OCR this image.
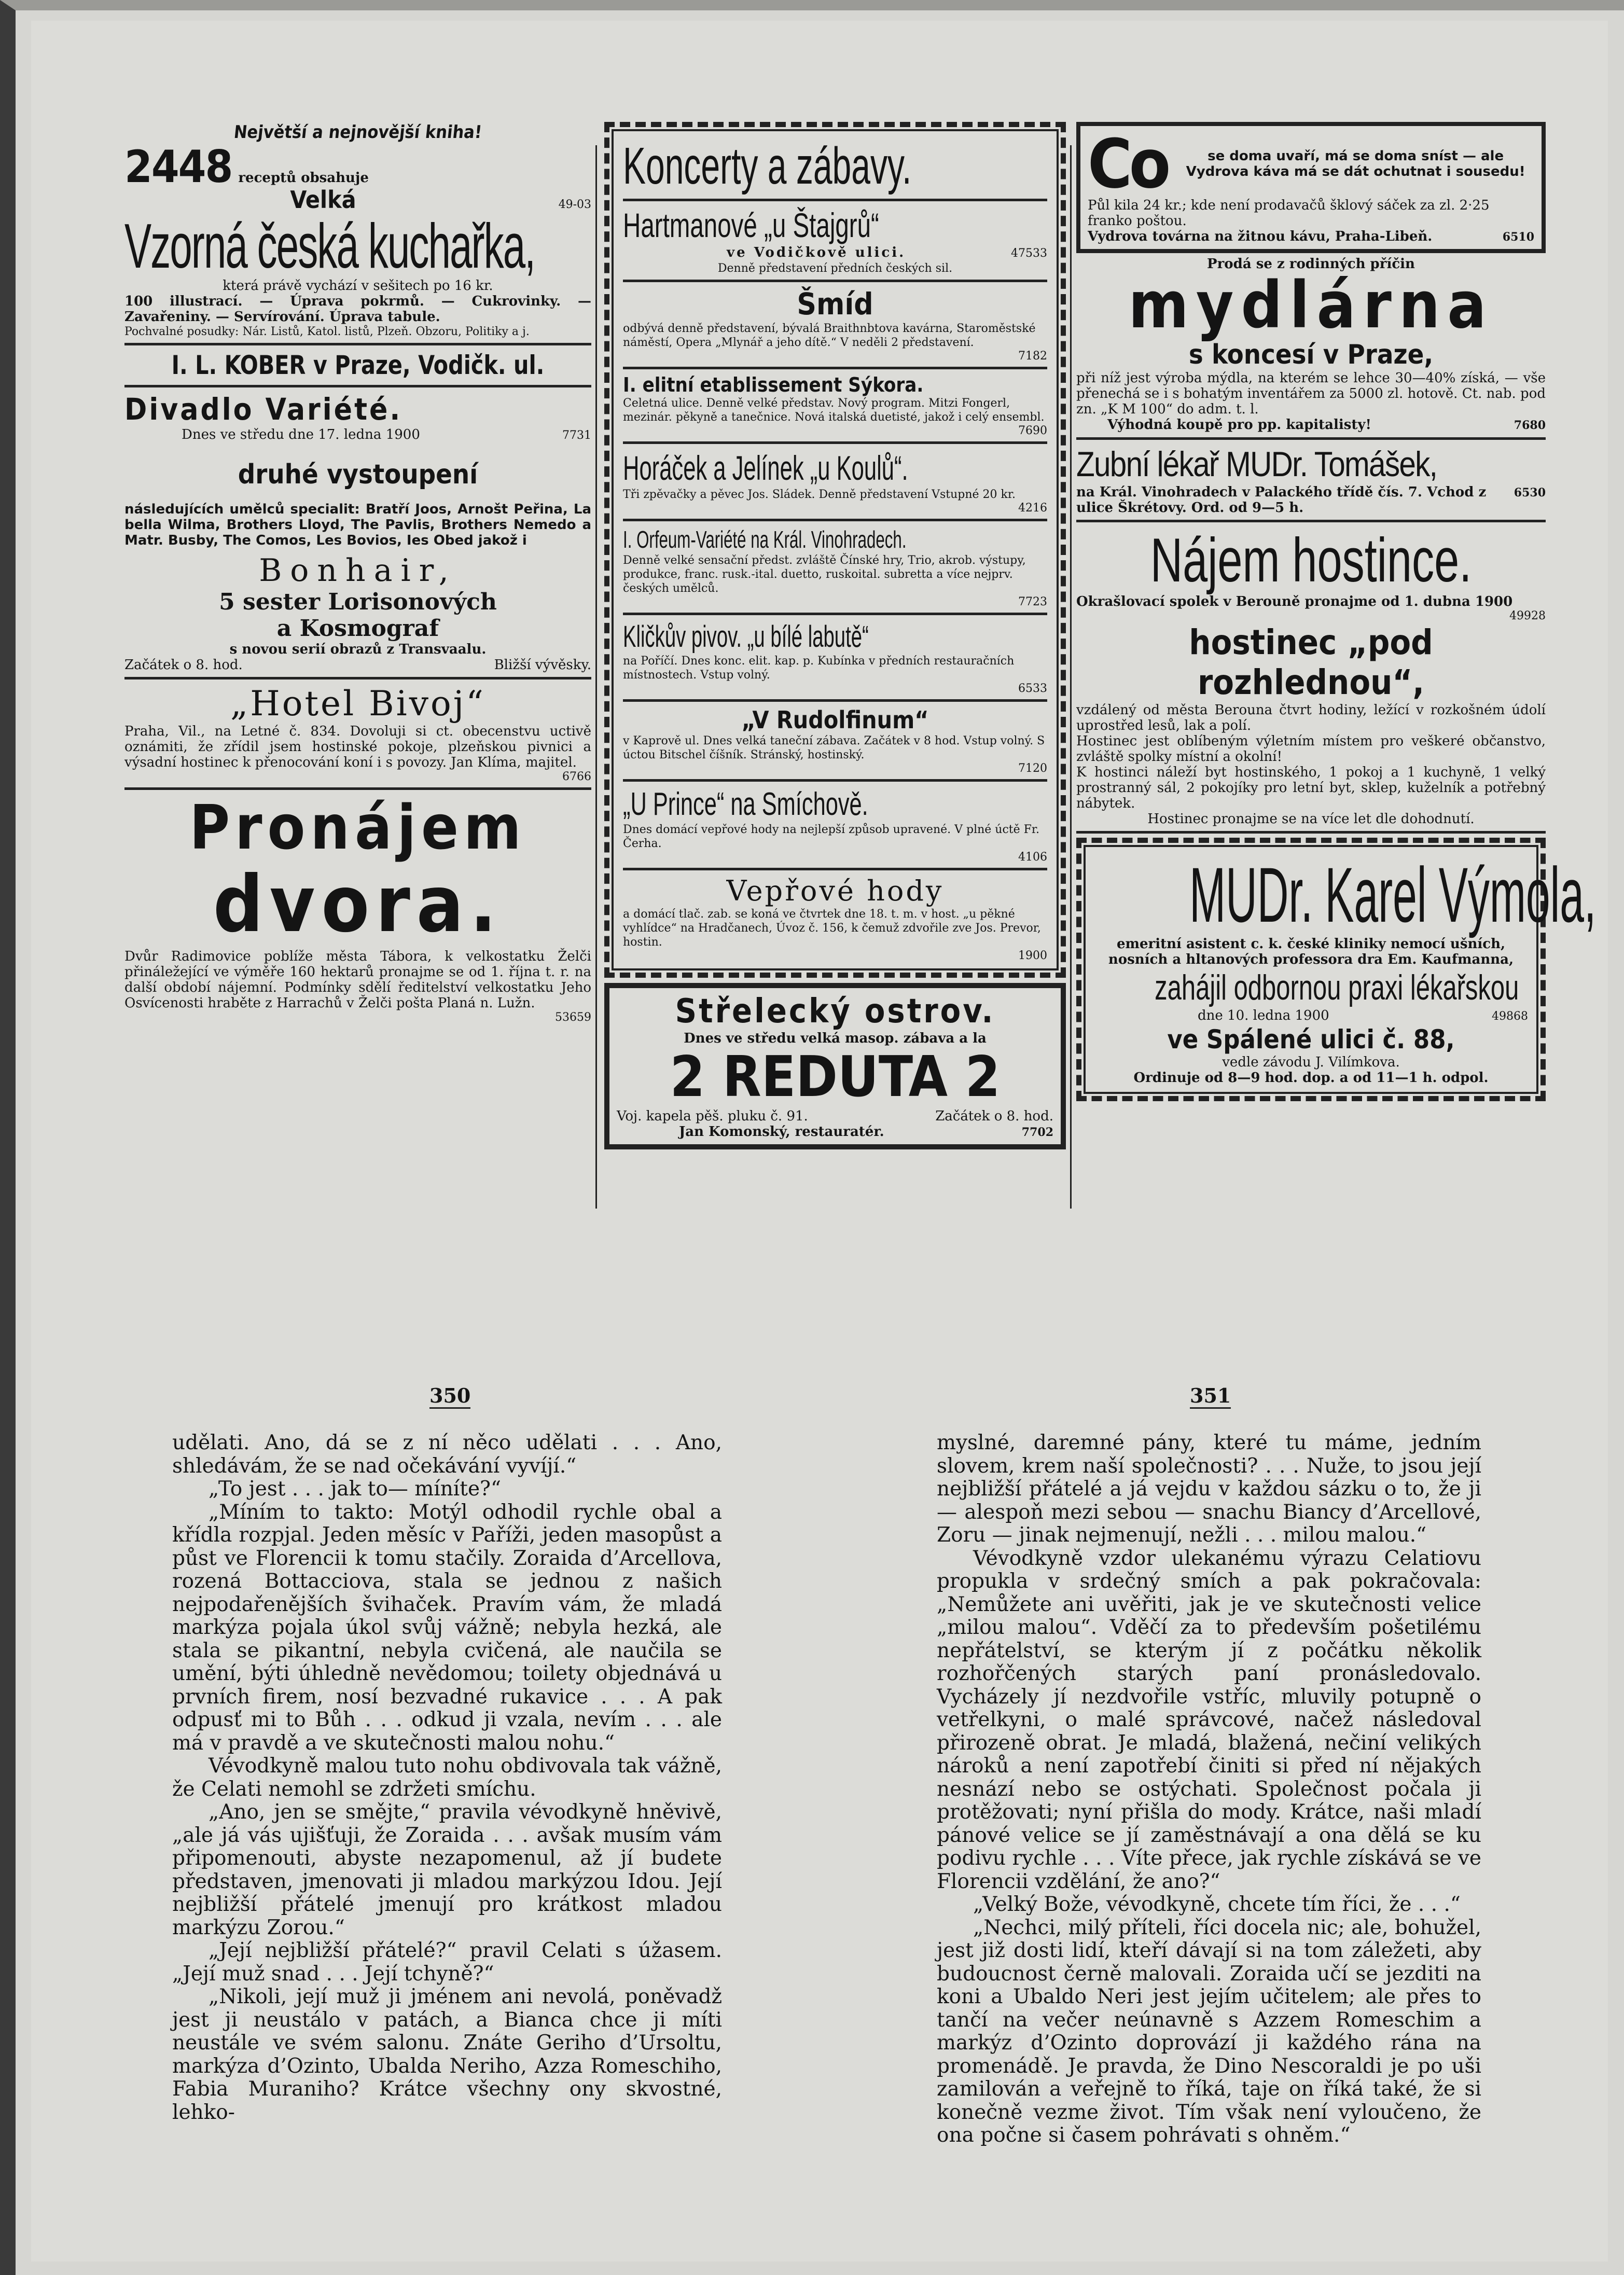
Největší a nejnovější kniha!
2448 receptů obsahuje
Velká	49-03
Vzorná česká kuchařka,
která právě vychází v sešitech po 16 kr.
100 illustrací. — Úprava pokrmů. — Cukrovinky. — Zavařeniny. — Servírování. Úprava tabule.
Pochvalné posudky: Nár. Listů, Katol. listů, Plzeň. Obzoru, Politiky a j.
I. L. KOBER v Praze, Vodičk. ul.
Divadlo Variété.
Dnes ve středu dne 17. ledna 1900	7731
druhé vystoupení
následujících umělců specialit: Bratří Joos, Arnošt Peřina, La bella Wilma, Brothers Lloyd, The Pavlis, Brothers Nemedo a Matr. Busby, The Comos, Les Bovios, Ies Obed jakož i
Bonhair,
5 sester Lorisonových
a Kosmograf
s novou serií obrazů z Transvaalu.
Začátek o 8. hod.	Bližší vývěsky.
„Hotel Bivoj“
Praha, Vil., na Letné č. 834. Dovoluji si ct. obecenstvu uctivě oznámiti, že zřídil jsem hostinské pokoje, plzeňskou pivnici a výsadní hostinec k přenocování koní i s povozy. Jan Klíma, majitel.
6766
Pronájem
dvora.
Dvůr Radimovice poblíže města Tábora, k velkostatku Želči přináležející ve výměře 160 hektarů pronajme se od 1. října t. r. na další období nájemní. Podmínky sdělí ředitelství velkostatku Jeho Osvícenosti hraběte z Harrachů v Želči pošta Planá n. Lužn.
53659
Koncerty a zábavy.
Hartmanové „u Štajgrů“
ve Vodičkově ulici.	47533
Denně představení předních českých sil.
Šmíd
odbývá denně představení, bývalá Braithnbtova kavárna, Staroměstské náměstí, Opera „Mlynář a jeho dítě.“ V neděli 2 představení.
7182
I. elitní etablissement Sýkora.
Celetná ulice. Denně velké představ. Nový program. Mitzi Fongerl, mezinár. pěkyně a tanečnice. Nová italská duetisté, jakož i celý ensembl.
7690
Horáček a Jelínek „u Koulů“.
Tři zpěvačky a pěvec Jos. Sládek. Denně představení Vstupné 20 kr.
4216
I. Orfeum-Variété na Král. Vinohradech.
Denně velké sensační předst. zvláště Čínské hry, Trio, akrob. výstupy, produkce, franc. rusk.-ital. duetto, ruskoital. subretta a více nejprv. českých umělců.
7723
Kličkův pivov. „u bílé labutě“
na Poříčí. Dnes konc. elit. kap. p. Kubínka v předních restauračních místnostech. Vstup volný.
6533
„V Rudolfinum“
v Kaprově ul. Dnes velká taneční zábava. Začátek v 8 hod. Vstup volný. S úctou Bitschel číšník. Stránský, hostinský.
7120
„U Prince“ na Smíchově.
Dnes domácí vepřové hody na nejlepší způsob upravené. V plné úctě Fr. Čerha.
4106
Vepřové hody
a domácí tlač. zab. se koná ve čtvrtek dne 18. t. m. v host. „u pěkné vyhlídce“ na Hradčanech, Úvoz č. 156, k čemuž zdvořile zve Jos. Prevor, hostin.
1900
Střelecký ostrov.
Dnes ve středu velká masop. zábava a la
2 REDUTA 2
Voj. kapela pěš. pluku č. 91.	Začátek o 8. hod.
Jan Komonský, restauratér.	7702
Co	se doma uvaří, má se doma sníst — ale Vydrova káva má se dát ochutnat i sousedu!
Půl kila 24 kr.; kde není prodavačů šklový sáček za zl. 2·25 franko poštou.
Vydrova továrna na žitnou kávu, Praha-Libeň.	6510
Prodá se z rodinných příčin
mydlárna
s koncesí v Praze,
při níž jest výroba mýdla, na kterém se lehce 30—40% získá, — vše přenechá se i s bohatým inventářem za 5000 zl. hotově. Ct. nab. pod zn. „K M 100“ do adm. t. l.
Výhodná koupě pro pp. kapitalisty!	7680
Zubní lékař MUDr. Tomášek,
na Král. Vinohradech v Palackého třídě čís. 7. Vchod z ulice Škrétovy. Ord. od 9—5 h.
6530
Nájem hostince.
Okrašlovací spolek v Berouně pronajme od 1. dubna 1900
49928
hostinec „pod rozhlednou“,
vzdálený od města Berouna čtvrt hodiny, ležící v rozkošném údolí uprostřed lesů, lak a polí.
Hostinec jest oblíbeným výletním místem pro veškeré občanstvo, zvláště spolky místní a okolní!
K hostinci náleží byt hostinského, 1 pokoj a 1 kuchyně, 1 velký prostranný sál, 2 pokojíky pro letní byt, sklep, kuželník a potřebný nábytek.
Hostinec pronajme se na více let dle dohodnutí.
MUDr. Karel Výmola,
emeritní asistent c. k. české kliniky nemocí ušních, nosních a hltanových professora dra Em. Kaufmanna,
zahájil odbornou praxi lékařskou
dne 10. ledna 1900	49868
ve Spálené ulici č. 88,
vedle závodu J. Vilímkova.
Ordinuje od 8—9 hod. dop. a od 11—1 h. odpol.
350	351

udělati. Ano, dá se z ní něco udělati . . . Ano, shledávám, že se nad očekávání vyvíjí.“

„To jest . . . jak to— míníte?“

„Míním to takto: Motýl odhodil rychle obal a křídla rozpjal. Jeden měsíc v Paříži, jeden masopůst a půst ve Florencii k tomu stačily. Zoraida d’Arcellova, rozená Bottacciova, stala se jednou z našich nejpodařenějších švihaček. Pravím vám, že mladá markýza pojala úkol svůj vážně; nebyla hezká, ale stala se pikantní, nebyla cvičená, ale naučila se umění, býti úhledně nevědomou; toilety objednává u prvních firem, nosí bezvadné rukavice . . . A pak odpusť mi to Bůh . . . odkud ji vzala, nevím . . . ale má v pravdě a ve skutečnosti malou nohu.“

Vévodkyně malou tuto nohu obdivovala tak vážně, že Celati nemohl se zdržeti smíchu.

„Ano, jen se smějte,“ pravila vévodkyně hněvivě, „ale já vás ujišťuji, že Zoraida . . . avšak musím vám připomenouti, abyste nezapomenul, až jí budete představen, jmenovati ji mladou markýzou Idou. Její nejbližší přátelé jmenují pro krátkost mladou markýzu Zorou.“

„Její nejbližší přátelé?“ pravil Celati s úžasem. „Její muž snad . . . Její tchyně?“

„Nikoli, její muž ji jménem ani nevolá, poněvadž jest ji neustálo v patách, a Bianca chce ji míti neustále ve svém salonu. Znáte Geriho d’Ursoltu, markýza d’Ozinto, Ubalda Neriho, Azza Romeschiho, Fabia Muraniho? Krátce všechny ony skvostné, lehko-

myslné, daremné pány, které tu máme, jedním slovem, krem naší společnosti? . . . Nuže, to jsou její nejbližší přátelé a já vejdu v každou sázku o to, že ji — alespoň mezi sebou — snachu Biancy d’Arcellové, Zoru — jinak nejmenují, nežli . . . milou malou.“

Vévodkyně vzdor ulekanému výrazu Celatiovu propukla v srdečný smích a pak pokračovala: „Nemůžete ani uvěřiti, jak je ve skutečnosti velice „milou malou“. Vděčí za to především pošetilému nepřátelství, se kterým jí z počátku několik rozhořčených starých paní pronásledovalo. Vycházely jí nezdvořile vstříc, mluvily potupně o vetřelkyni, o malé správcové, načež následoval přirozeně obrat. Je mladá, blažená, nečiní velikých nároků a není zapotřebí činiti si před ní nějakých nesnází nebo se ostýchati. Společnost počala ji protěžovati; nyní přišla do mody. Krátce, naši mladí pánové velice se jí zaměstnávají a ona dělá se ku podivu rychle . . . Víte přece, jak rychle získává se ve Florencii vzdělání, že ano?“

„Velký Bože, vévodkyně, chcete tím říci, že . . .“

„Nechci, milý příteli, říci docela nic; ale, bohužel, jest již dosti lidí, kteří dávají si na tom záležeti, aby budoucnost černě malovali. Zoraida učí se jezditi na koni a Ubaldo Neri jest jejím učitelem; ale přes to tančí na večer neúnavně s Azzem Romeschim a markýz d’Ozinto doprovází ji každého rána na promenádě. Je pravda, že Dino Nescoraldi je po uši zamilován a veřejně to říká, taje on říká také, že si konečně vezme život. Tím však není vyloučeno, že ona počne si časem pohrávati s ohněm.“
